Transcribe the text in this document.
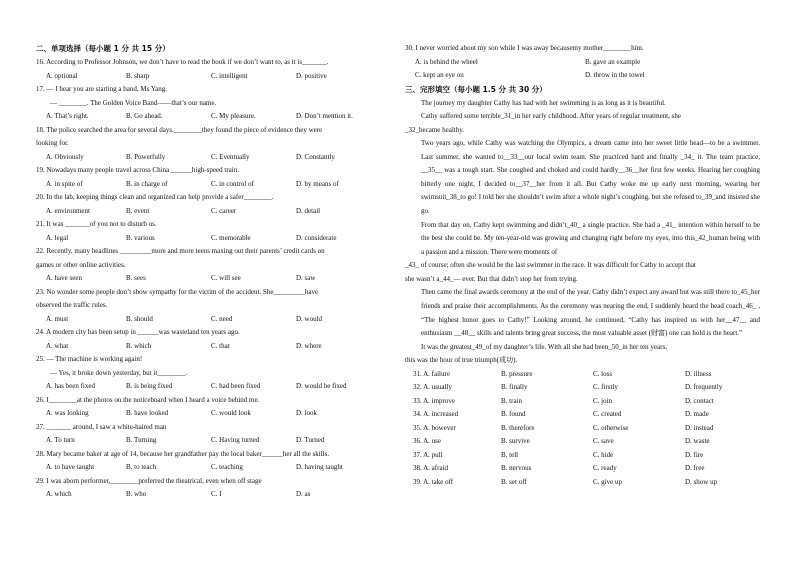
二、单项选择（每小题 1 分 共 15 分）
16. According to Professor Johnson, we don’t have to read the book if we don’t want to, as it is_______.
A. optional	B. sharp	C. intelligent	D. positive
17. — I hear you are starting a band, Ms Yang.
— ________. The Golden Voice Band——that’s our name.
A. That’s right.	B. Go ahead.	C. My pleasure.	D. Don’t mention it.
18. The police searched the area for several days.________they found the piece of evidence they were
looking for.
A. Obviously	B. Powerfully	C. Eventually	D. Constantly
19. Nowadays many people travel across China ______high-speed train.
A. in spite of	B. in charge of	C. in control of	D. by means of
20. In the lab, keeping things clean and organized can help provide a safer________.
A. environment	B. event	C. career	D. detail
21. It was _______of you not to disturb us.
A. legal	B. various	C. memorable	D. considerate
22. Recently, many headlines _________more and more teens maxing out their parents’ credit cards on
games or other online activities.
A. have seen	B. sees	C. will see	D. saw
23. No wonder some people don’t show sympathy for the victim of the accident. She_________have
observed the traffic rules.
A. must	B. should	C. need	D. would
24. A modern city has been setup in ______was wasteland ten years ago.
A. what	B. which	C. that	D. where
25. — The machine is working again!
— Yes, it broke down yesterday, but it________.
A. has been fixed	B. is being fixed	C. had been fixed	D. would be fixed
26. I________at the photos on the noticeboard when I heard a voice behind me.
A. was looking	B. have looked	C. would look	D. look
27. _______ around, I saw a white-haired man
A. To turn	B. Turning	C. Having turned	D. Turned
28. Mary became baker at age of 14, because her grandfather pay the local baker______her all the skills.
A. to have taught	B. to teach	C. teaching	D. having taught
29. I was aborn performer,________preferred the theatrical, even when off stage
A. which	B. who	C. I	D. as
30. I never worried about my son while I was away becausemy mother________him.
A. is behind the wheel	B. gave an example
C. kept an eye on	D. throw in the towel
三、完形填空（每小题 1.5 分 共 30 分）
The journey my daughter Cathy has had with her swimming is as long as it is beautiful.
Cathy suffered some terrible_31_in her early childhood. After years of regular treatment, she
_32_became healthy.
Two years ago, while Cathy was watching the Olympics, a dream came into her sweet little head—to be a swimmer. Last summer, she wanted to__33__our local swim team. She practiced hard and finally _34_ it. The team practice, __35__ was a tough start. She coughed and choked and could hardly__36__her first few weeks. Hearing her coughing bitterly one night, I decided to__37__her from it all. But Cathy woke me up early next morning, wearing her swimsuit_38_to go! I told her she shouldn’t swim after a whole night’s coughing, but she refused to_39_and insisted she go.
From that day on, Cathy kept swimming and didn’t_40_ a single practice. She had a _41_ intention within herself to be the best she could be. My ten-year-old was growing and changing right before my eyes, into this_42_human being with a passion and a mission. There were moments of
_43_ of course; often she would be the last swimmer in the race. It was difficult for Cathy to accept that
she wasn’t a_44_— ever. But that didn’t stop her from trying.
Then came the final awards ceremony at the end of the year. Cathy didn’t expect any award but was still there to_45_her friends and praise their accomplishments. As the ceremony was nearing the end, I suddenly heard the head coach_46_ , “The highest honor goes to Cathy!” Looking around, he continued, “Cathy has inspired us with her__47__ and enthusiasm __48__ skills and talents bring great success, the most valuable asset (财富) one can hold is the heart.”
It was the greatest_49_of my daughter’s life. With all she had been_50_in her ten years,
this was the hour of true triumph(成功).
31. A. failure	B. pressure	C. loss	D. illness
32. A. usually	B. finally	C. firstly	D. frequently
33. A. improve	B. train	C. join	D. contact
34. A. increased	B. found	C. created	D. made
35. A. however	B. therefore	C. otherwise	D. instead
36. A. use	B. survive	C. save	D. waste
37. A. pull	B. tell	C. hide	D. fire
38. A. afraid	B. nervous	C. ready	D. free
39. A. take off	B. set off	C. give up	D. show up
